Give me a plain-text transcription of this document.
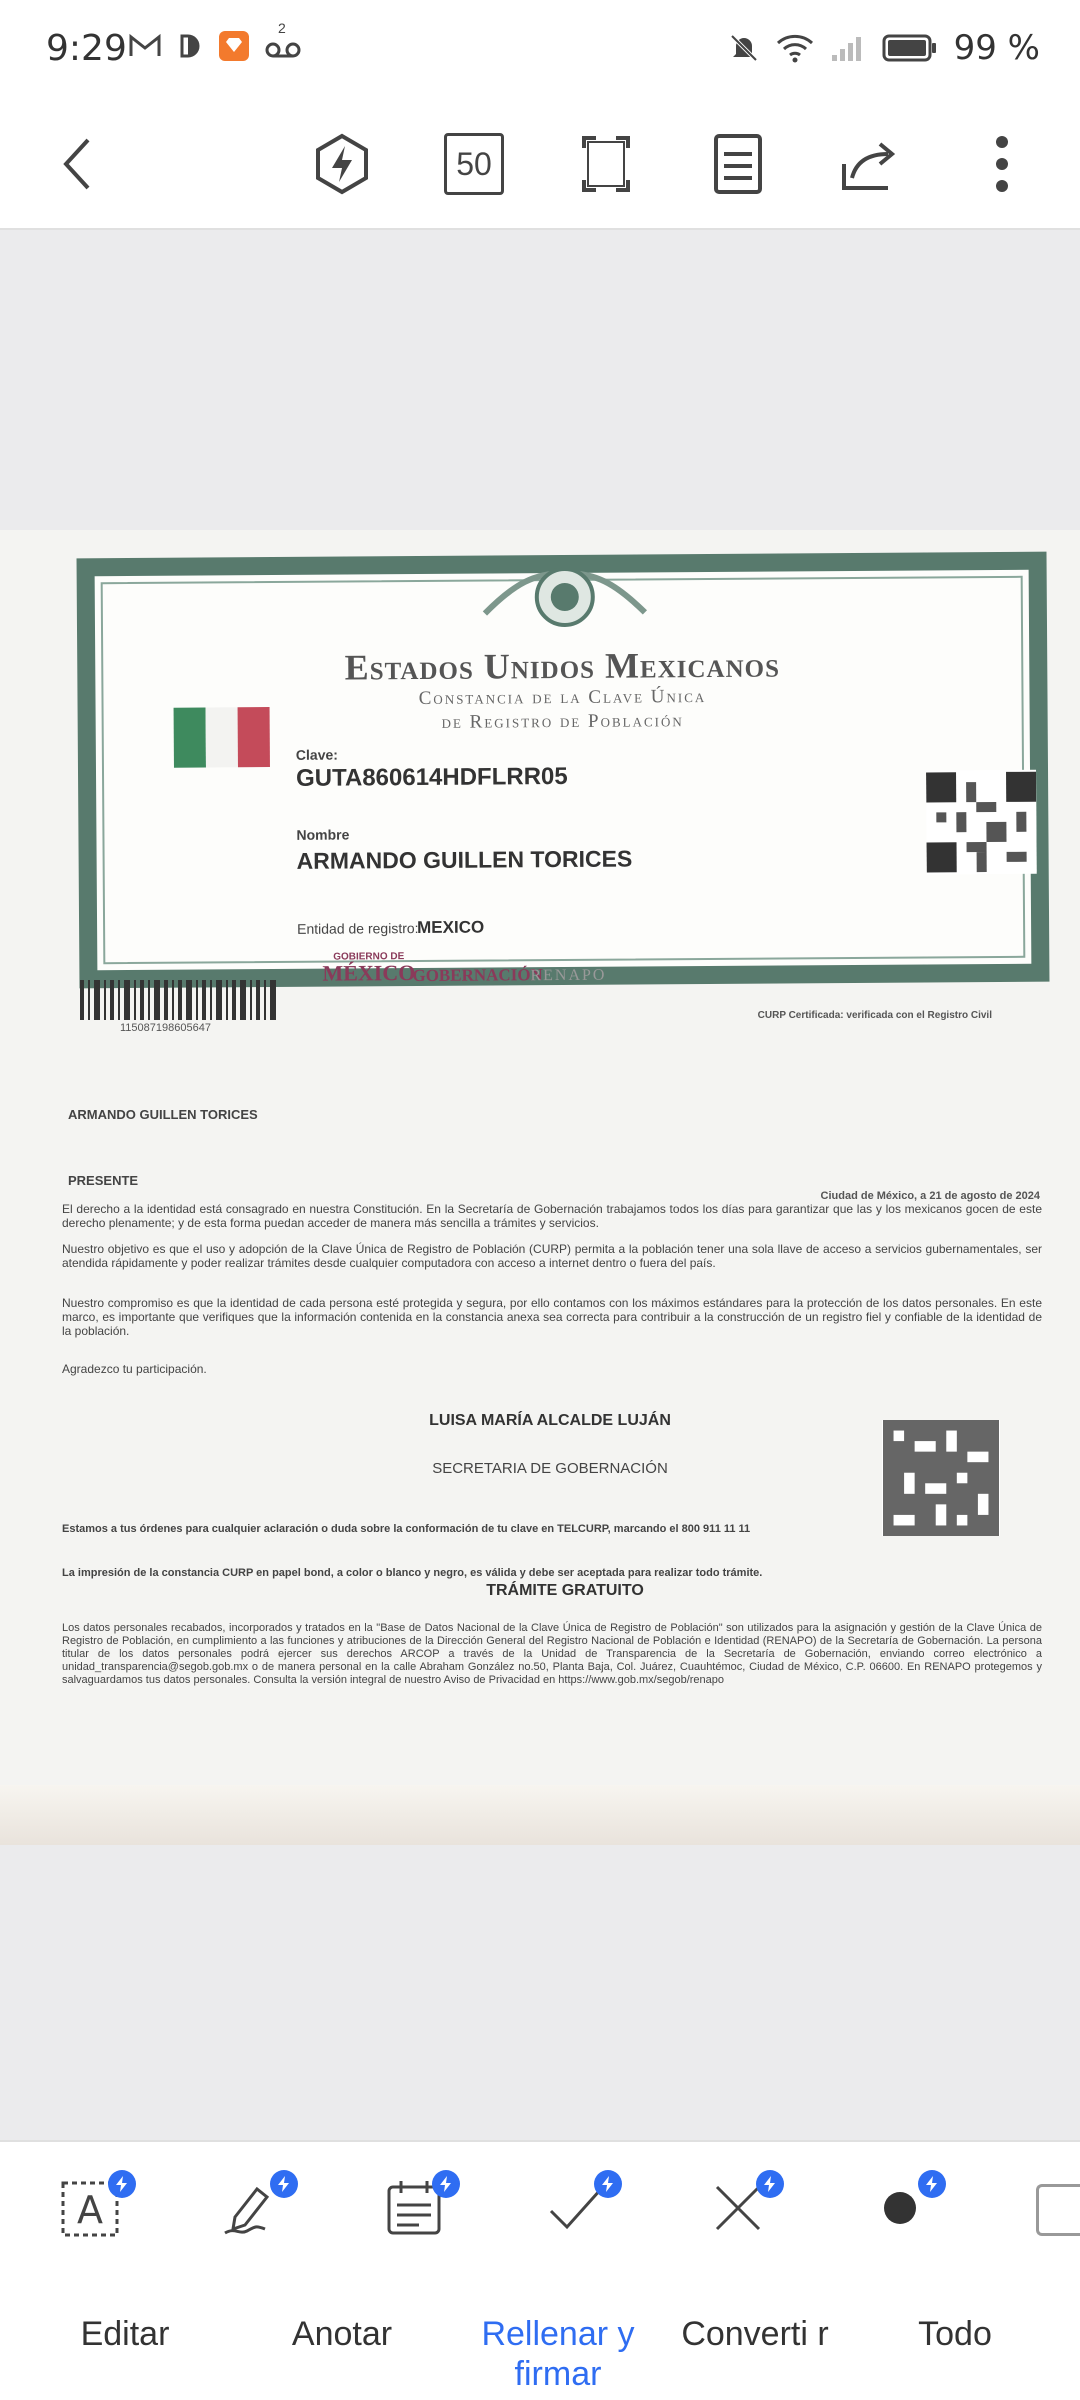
9:29	2	99 %
50
Estados Unidos Mexicanos
Constancia de la Clave Única
de Registro de Población
Clave:
GUTA860614HDFLRR05
Nombre
ARMANDO GUILLEN TORICES
Entidad de registro:
MEXICO
GOBIERNO DE
MÉXICO
GOBERNACIÓN
RENAPO
115087198605647
CURP Certificada: verificada con el Registro Civil
ARMANDO GUILLEN TORICES
PRESENTE
Ciudad de México, a 21 de agosto de 2024
El derecho a la identidad está consagrado en nuestra Constitución. En la Secretaría de Gobernación trabajamos todos los días para garantizar que las y los mexicanos gocen de este derecho plenamente; y de esta forma puedan acceder de manera más sencilla a trámites y servicios.
Nuestro objetivo es que el uso y adopción de la Clave Única de Registro de Población (CURP) permita a la población tener una sola llave de acceso a servicios gubernamentales, ser atendida rápidamente y poder realizar trámites desde cualquier computadora con acceso a internet dentro o fuera del país.
Nuestro compromiso es que la identidad de cada persona esté protegida y segura, por ello contamos con los máximos estándares para la protección de los datos personales. En este marco, es importante que verifiques que la información contenida en la constancia anexa sea correcta para contribuir a la construcción de un registro fiel y confiable de la identidad de la población.
Agradezco tu participación.
LUISA MARÍA ALCALDE LUJÁN
SECRETARIA DE GOBERNACIÓN
Estamos a tus órdenes para cualquier aclaración o duda sobre la conformación de tu clave en TELCURP, marcando el 800 911 11 11
La impresión de la constancia CURP en papel bond, a color o blanco y negro, es válida y debe ser aceptada para realizar todo trámite.
TRÁMITE GRATUITO
Los datos personales recabados, incorporados y tratados en la "Base de Datos Nacional de la Clave Única de Registro de Población" son utilizados para la asignación y gestión de la Clave Única de Registro de Población, en cumplimiento a las funciones y atribuciones de la Dirección General del Registro Nacional de Población e Identidad (RENAPO) de la Secretaría de Gobernación. La persona titular de los datos personales podrá ejercer sus derechos ARCOP a través de la Unidad de Transparencia de la Secretaría de Gobernación, enviando correo electrónico a unidad_transparencia@segob.gob.mx o de manera personal en la calle Abraham González no.50, Planta Baja, Col. Juárez, Cuauhtémoc, Ciudad de México, C.P. 06600. En RENAPO protegemos y salvaguardamos tus datos personales. Consulta la versión integral de nuestro Aviso de Privacidad en https://www.gob.mx/segob/renapo
A
Editar	Anotar	Rellenar y firmar
Converti r	Todo
